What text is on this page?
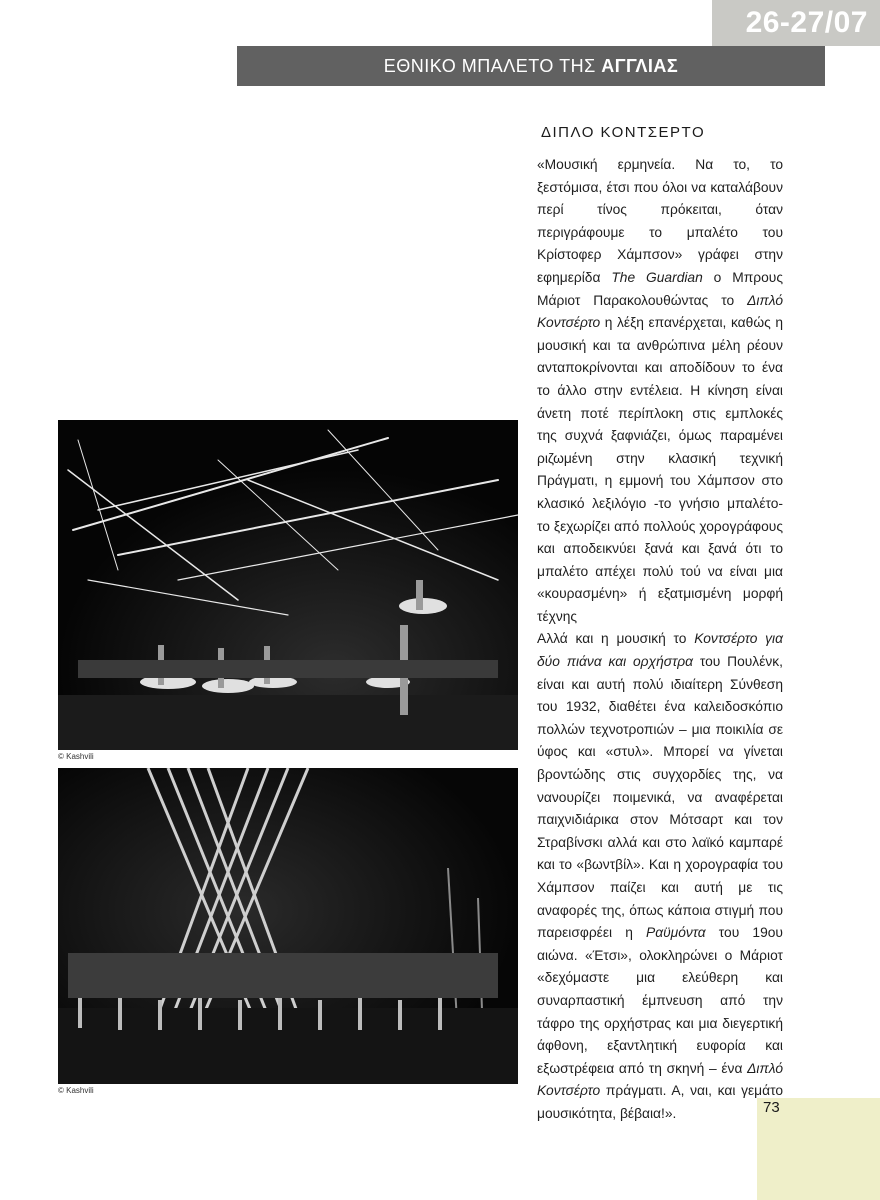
26-27/07
ΕΘΝΙΚΟ ΜΠΑΛΕΤΟ ΤΗΣ ΑΓΓΛΙΑΣ
ΔΙΠΛΟ ΚΟΝΤΣΕΡΤΟ

«Μουσική ερμηνεία. Να το, το ξεστόμισα, έτσι που όλοι να καταλάβουν περί τίνος πρόκειται, όταν περιγράφουμε το μπαλέτο του Κρίστοφερ Χάμπσον» γράφει στην εφημερίδα The Guardian ο Μπρους Μάριοτ Παρακολουθώντας το Διπλό Κοντσέρτο η λέξη επανέρχεται, καθώς η μουσική και τα ανθρώπινα μέλη ρέουν ανταποκρίνονται και αποδίδουν το ένα το άλλο στην εντέλεια. Η κίνηση είναι άνετη ποτέ περίπλοκη στις εμπλοκές της συχνά ξαφνιάζει, όμως παραμένει ριζωμένη στην κλασική τεχνική Πράγματι, η εμμονή του Χάμπσον στο κλασικό λεξιλόγιο -το γνήσιο μπαλέτο- το ξεχωρίζει από πολλούς χορογράφους και αποδεικνύει ξανά και ξανά ότι το μπαλέτο απέχει πολύ τού να είναι μια «κουρασμένη» ή εξατμισμένη μορφή τέχνης

Αλλά και η μουσική το Κοντσέρτο για δύο πιάνα και ορχήστρα του Πουλένκ, είναι και αυτή πολύ ιδιαίτερη Σύνθεση του 1932, διαθέτει ένα καλειδοσκόπιο πολλών τεχνοτροπιών – μια ποικιλία σε ύφος και «στυλ». Μπορεί να γίνεται βροντώδης στις συγχορδίες της, να νανουρίζει ποιμενικά, να αναφέρεται παιχνιδιάρικα στον Μότσαρτ και τον Στραβίνσκι αλλά και στο λαϊκό καμπαρέ και το «βωντβίλ». Και η χορογραφία του Χάμπσον παίζει και αυτή με τις αναφορές της, όπως κάποια στιγμή που παρεισφρέει η Ραϋμόντα του 19ου αιώνα. «Έτσι», ολοκληρώνει ο Μάριοτ «δεχόμαστε μια ελεύθερη και συναρπαστική έμπνευση από την τάφρο της ορχήστρας και μια διεγερτική άφθονη, εξαντλητική ευφορία και εξωστρέφεια από τη σκηνή – ένα Διπλό Κοντσέρτο πράγματι. Α, ναι, και γεμάτο μουσικότητα, βέβαια!».

© Kashvili
© Kashvili
73
